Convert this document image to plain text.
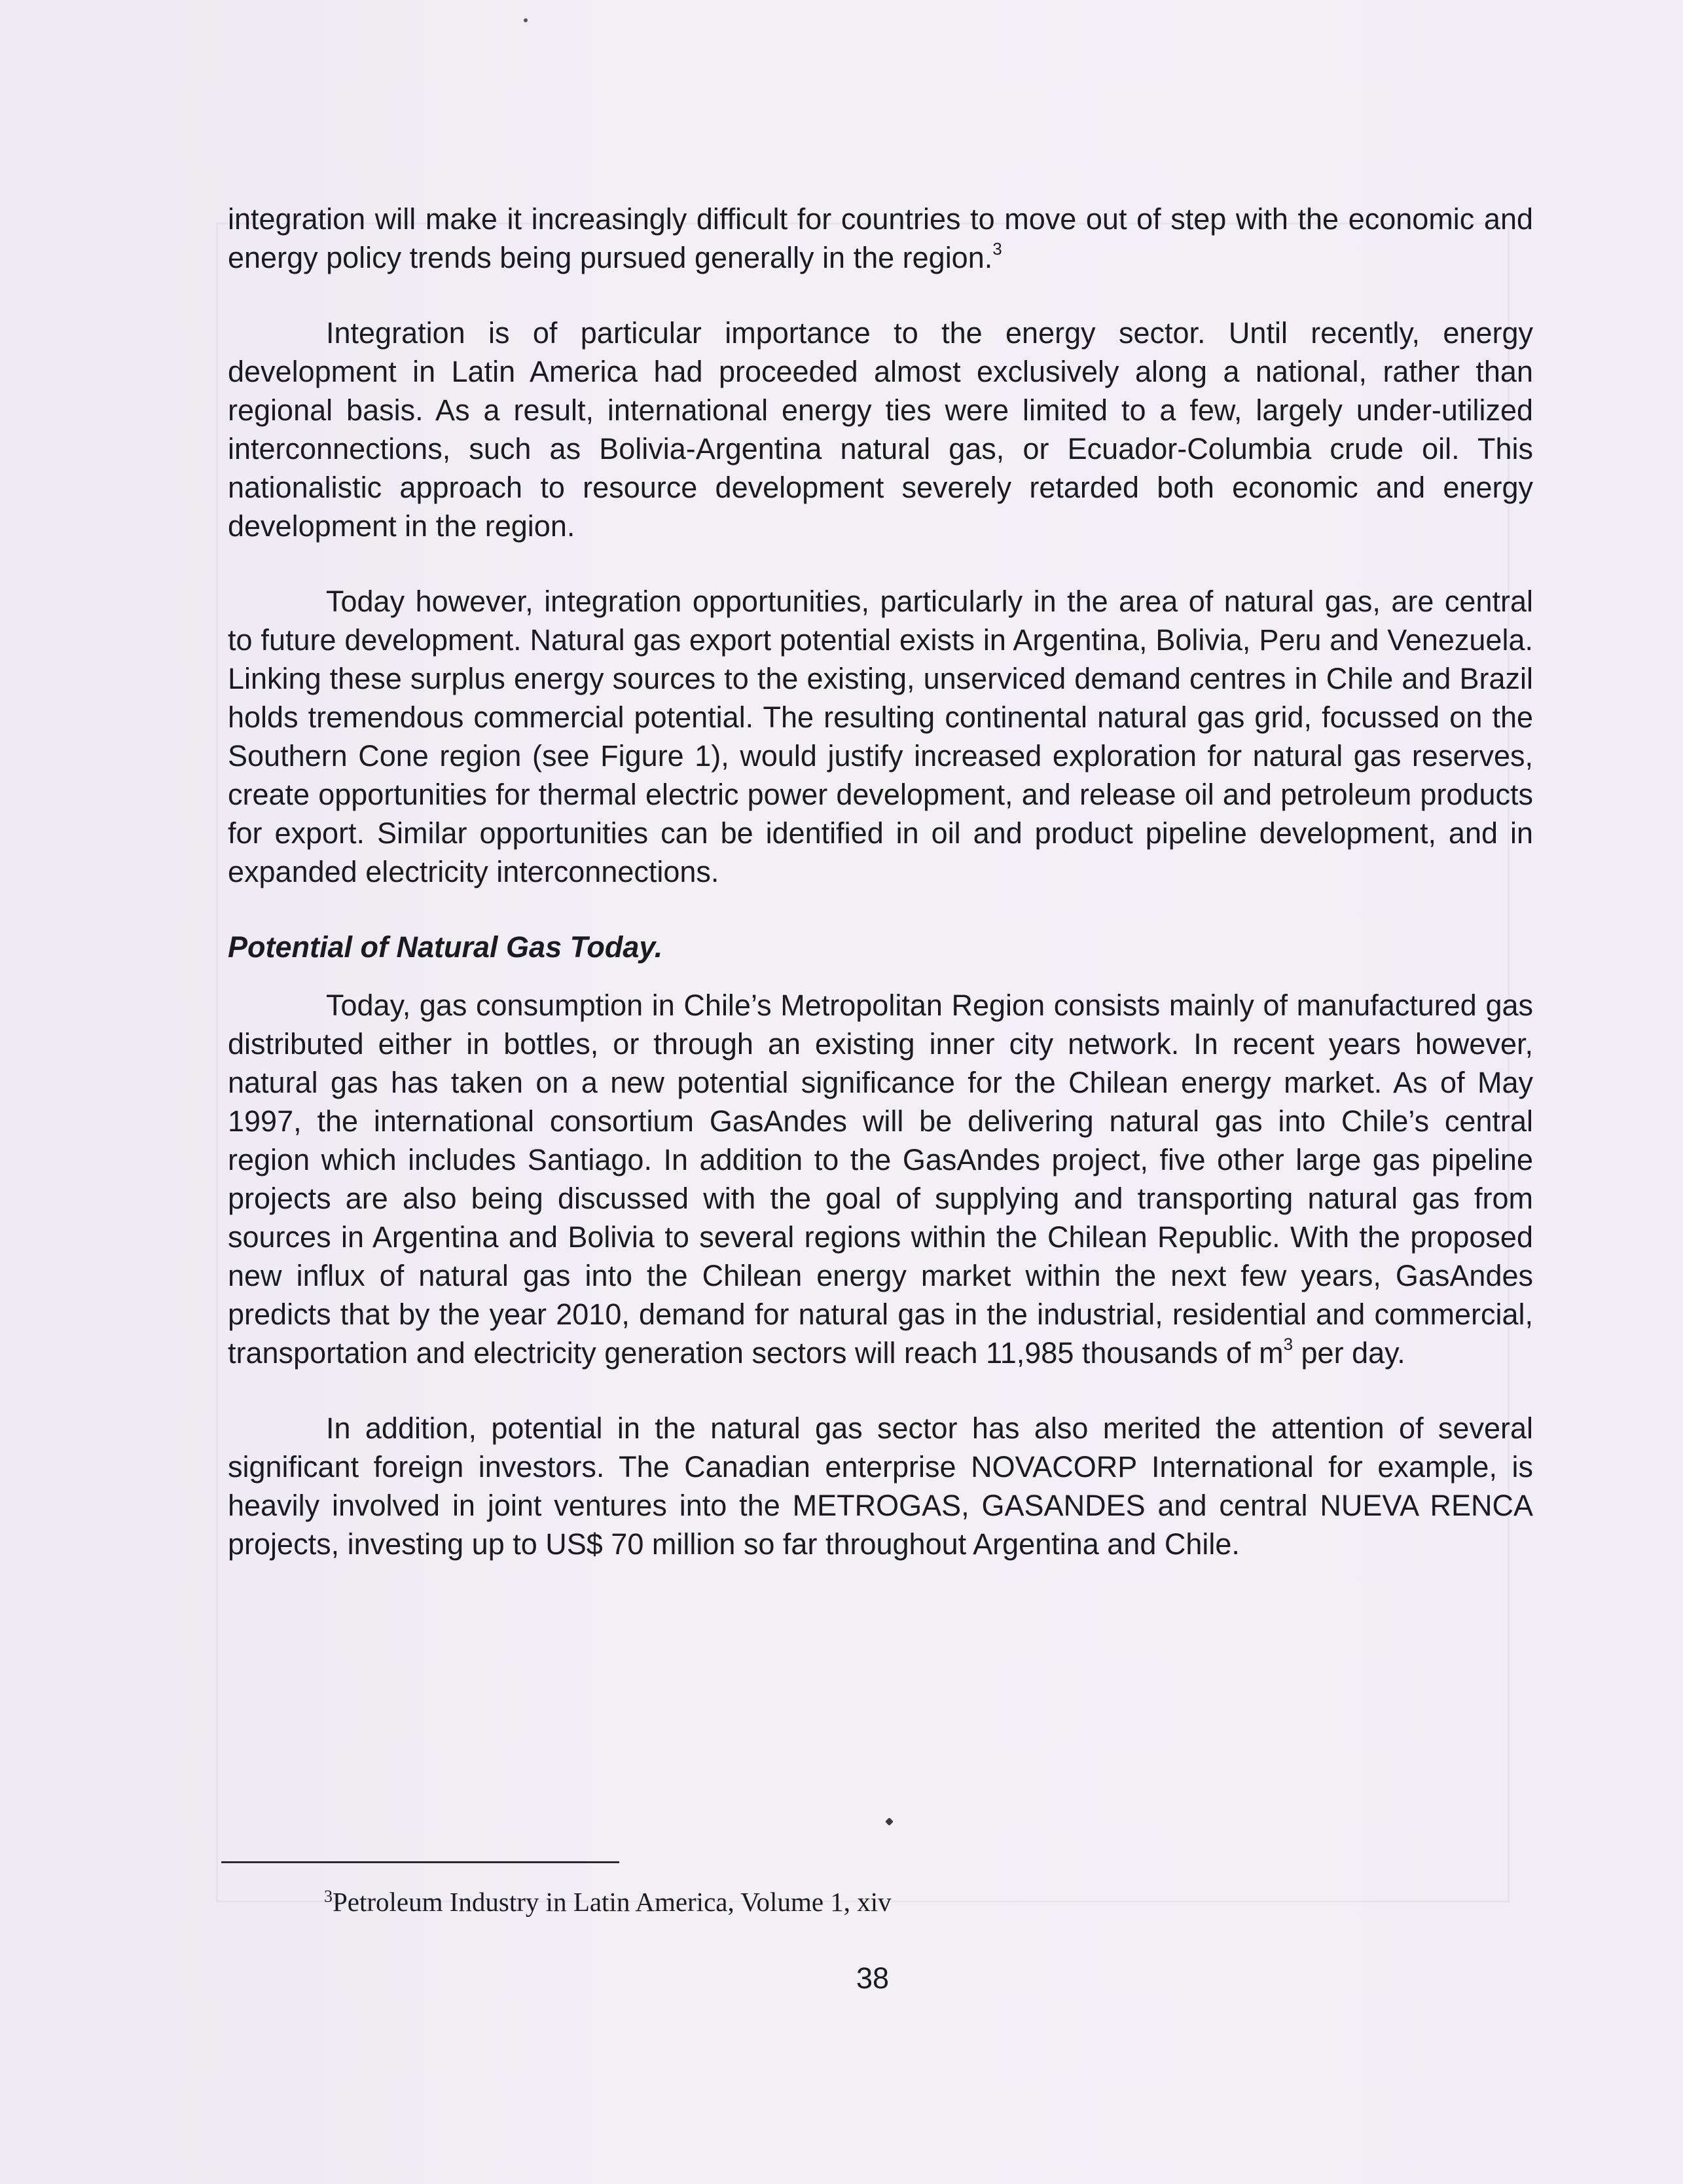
integration will make it increasingly difficult for countries to move out of step with the economic and energy policy trends being pursued generally in the region.$^3$

Integration is of particular importance to the energy sector. Until recently, energy development in Latin America had proceeded almost exclusively along a national, rather than regional basis. As a result, international energy ties were limited to a few, largely under-utilized interconnections, such as Bolivia-Argentina natural gas, or Ecuador-Columbia crude oil. This nationalistic approach to resource development severely retarded both economic and energy development in the region.

Today however, integration opportunities, particularly in the area of natural gas, are central to future development. Natural gas export potential exists in Argentina, Bolivia, Peru and Venezuela. Linking these surplus energy sources to the existing, unserviced demand centres in Chile and Brazil holds tremendous commercial potential. The resulting continental natural gas grid, focussed on the Southern Cone region (see Figure 1), would justify increased exploration for natural gas reserves, create opportunities for thermal electric power development, and release oil and petroleum products for export. Similar opportunities can be identified in oil and product pipeline development, and in expanded electricity interconnections.

Potential of Natural Gas Today.

Today, gas consumption in Chile’s Metropolitan Region consists mainly of manufactured gas distributed either in bottles, or through an existing inner city network. In recent years however, natural gas has taken on a new potential significance for the Chilean energy market. As of May 1997, the international consortium GasAndes will be delivering natural gas into Chile’s central region which includes Santiago. In addition to the GasAndes project, five other large gas pipeline projects are also being discussed with the goal of supplying and transporting natural gas from sources in Argentina and Bolivia to several regions within the Chilean Republic. With the proposed new influx of natural gas into the Chilean energy market within the next few years, GasAndes predicts that by the year 2010, demand for natural gas in the industrial, residential and commercial, transportation and electricity generation sectors will reach 11,985 thousands of $m^3$ per day.

In addition, potential in the natural gas sector has also merited the attention of several significant foreign investors. The Canadian enterprise NOVACORP International for example, is heavily involved in joint ventures into the METROGAS, GASANDES and central NUEVA RENCA projects, investing up to US$ 70 million so far throughout Argentina and Chile.

$^3$Petroleum Industry in Latin America, Volume 1, xiv
38
